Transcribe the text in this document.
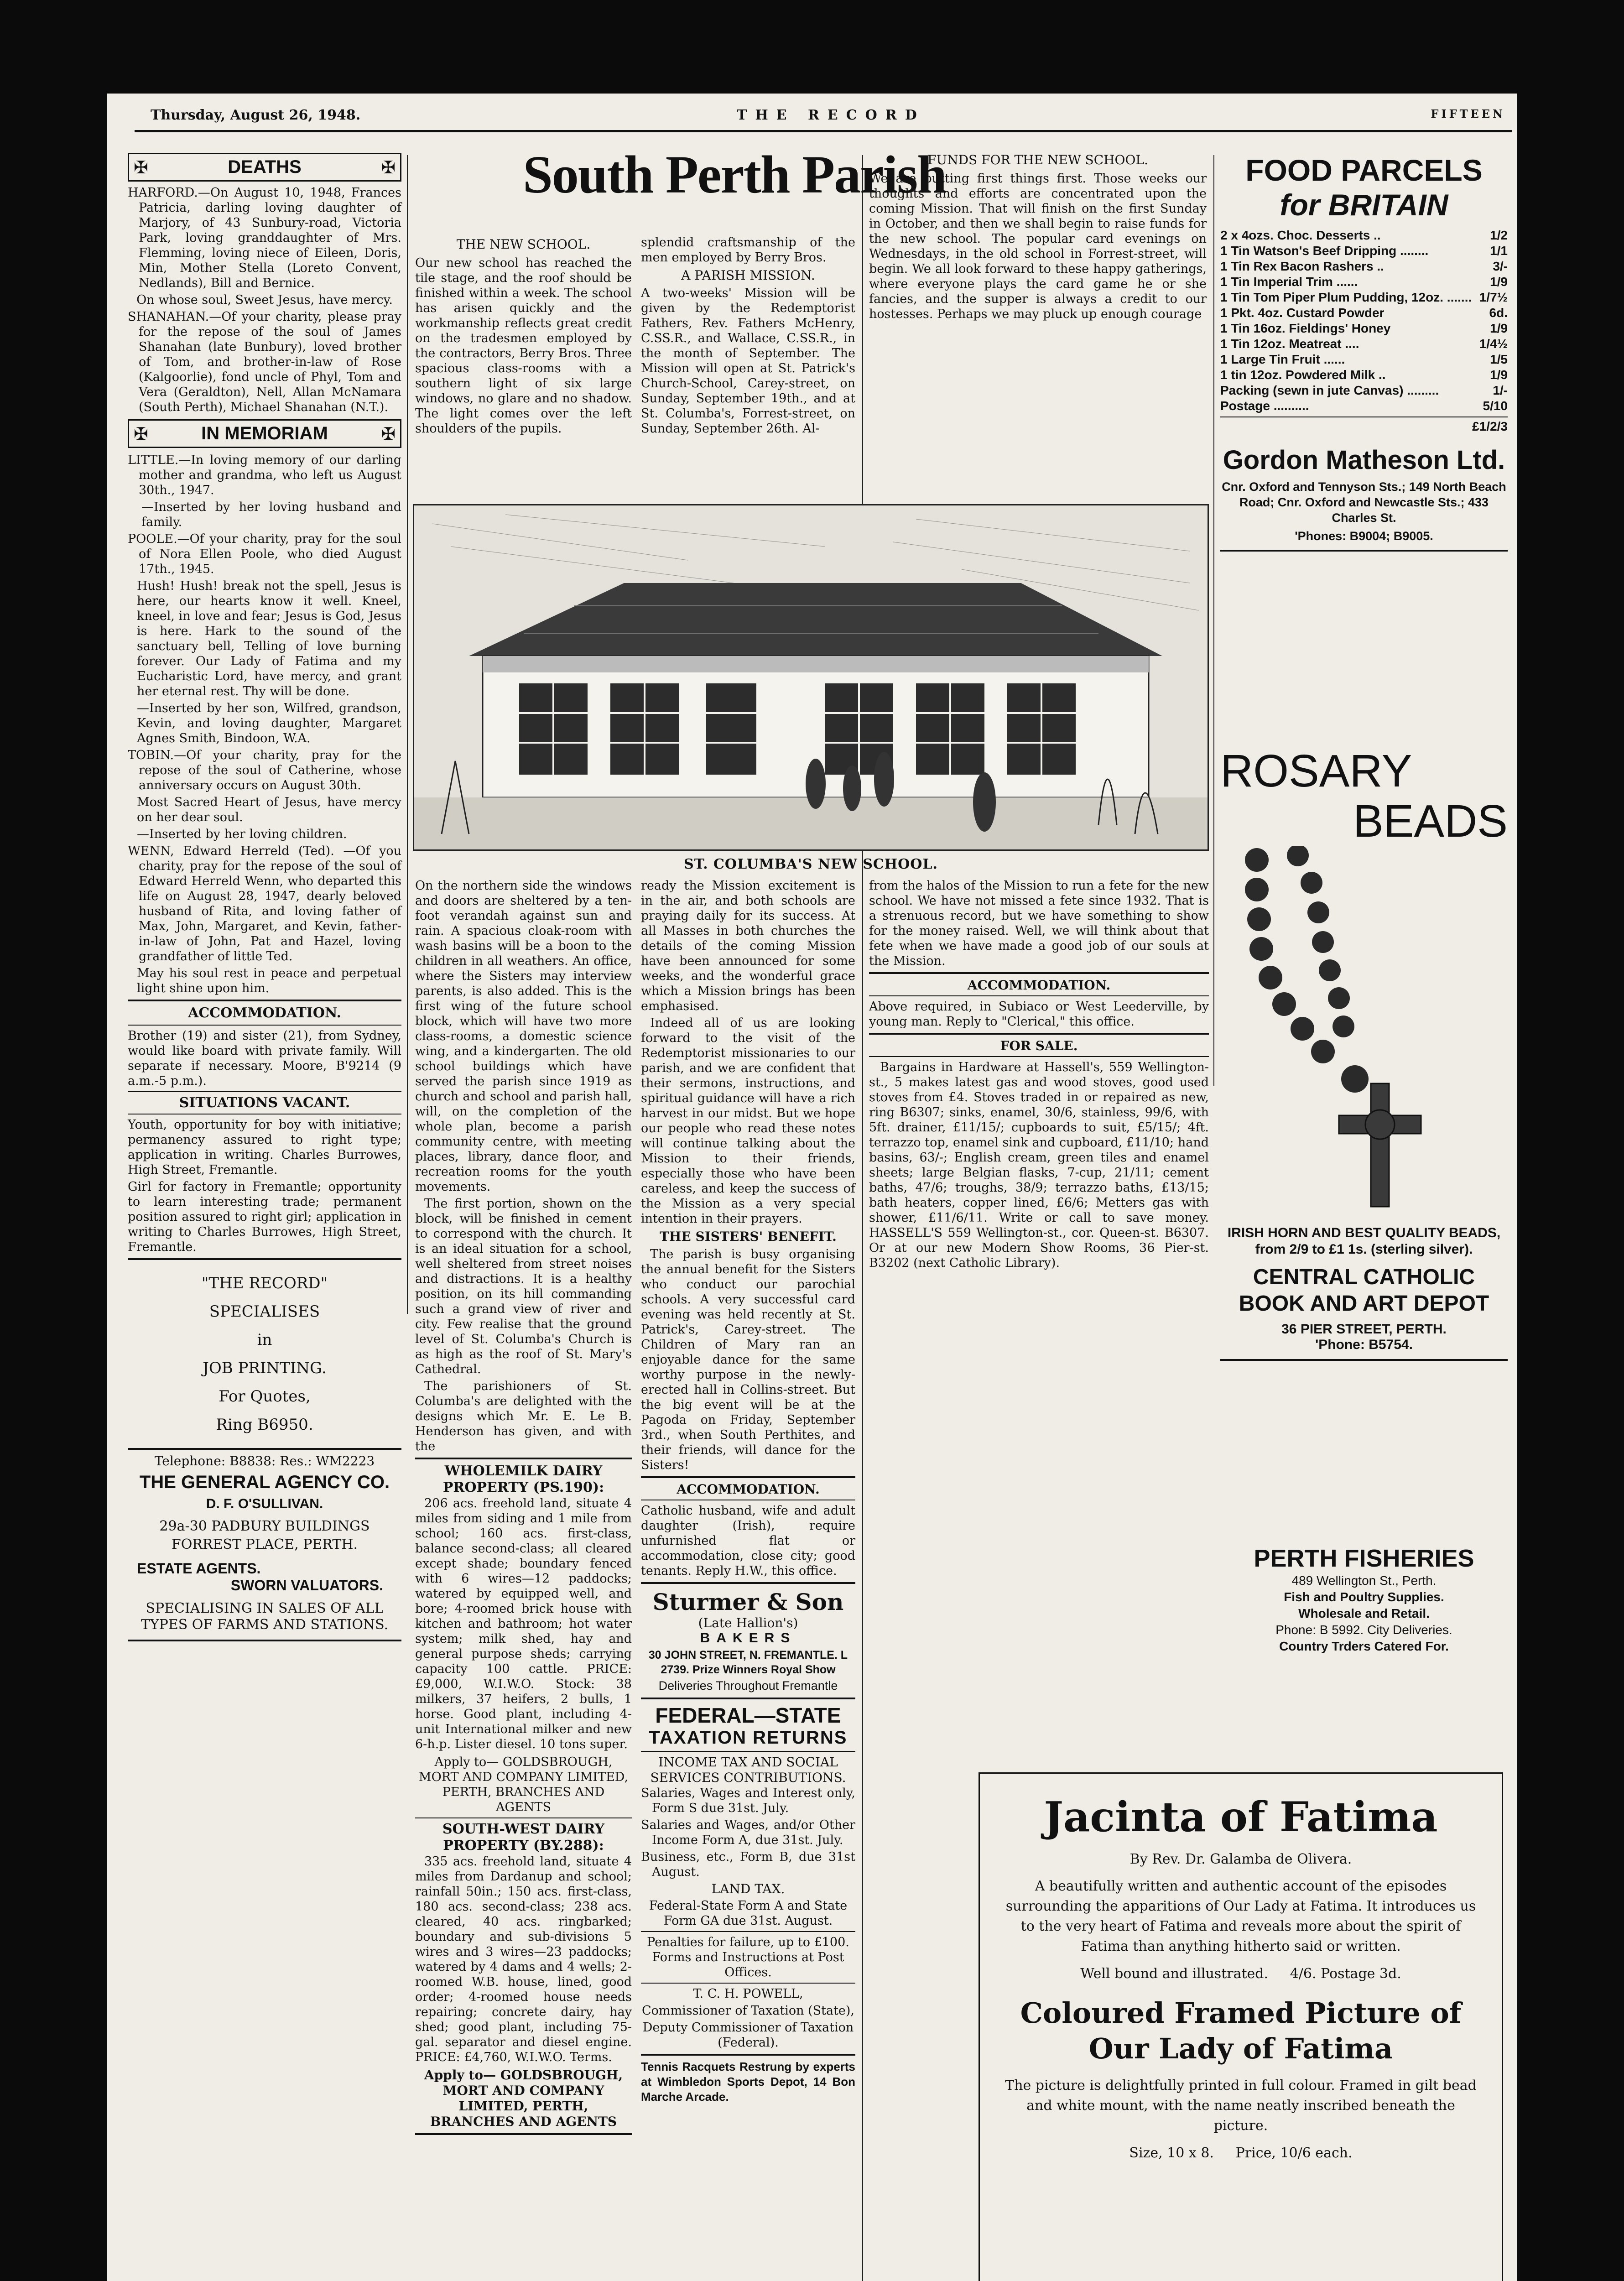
Thursday, August 26, 1948.	THE RECORD	FIFTEEN
✠	DEATHS	✠

HARFORD.—On August 10, 1948, Frances Patricia, darling loving daughter of Marjory, of 43 Sunbury-road, Victoria Park, loving granddaughter of Mrs. Flemming, loving niece of Eileen, Doris, Min, Mother Stella (Loreto Convent, Nedlands), Bill and Bernice.

On whose soul, Sweet Jesus, have mercy.

SHANAHAN.—Of your charity, please pray for the repose of the soul of James Shanahan (late Bunbury), loved brother of Tom, and brother-in-law of Rose (Kalgoorlie), fond uncle of Phyl, Tom and Vera (Geraldton), Nell, Allan McNamara (South Perth), Michael Shanahan (N.T.).

✠	IN MEMORIAM	✠

LITTLE.—In loving memory of our darling mother and grandma, who left us August 30th., 1947.

—Inserted by her loving husband and family.

POOLE.—Of your charity, pray for the soul of Nora Ellen Poole, who died August 17th., 1945.

Hush! Hush! break not the spell, Jesus is here, our hearts know it well. Kneel, kneel, in love and fear; Jesus is God, Jesus is here. Hark to the sound of the sanctuary bell, Telling of love burning forever. Our Lady of Fatima and my Eucharistic Lord, have mercy, and grant her eternal rest. Thy will be done.

—Inserted by her son, Wilfred, grandson, Kevin, and loving daughter, Margaret Agnes Smith, Bindoon, W.A.

TOBIN.—Of your charity, pray for the repose of the soul of Catherine, whose anniversary occurs on August 30th.

Most Sacred Heart of Jesus, have mercy on her dear soul.

—Inserted by her loving children.

WENN, Edward Herreld (Ted). —Of you charity, pray for the repose of the soul of Edward Herreld Wenn, who departed this life on August 28, 1947, dearly beloved husband of Rita, and loving father of Max, John, Margaret, and Kevin, father-in-law of John, Pat and Hazel, loving grandfather of little Ted.

May his soul rest in peace and perpetual light shine upon him.

ACCOMMODATION.

Brother (19) and sister (21), from Sydney, would like board with private family. Will separate if necessary. Moore, B'9214 (9 a.m.-5 p.m.).

SITUATIONS VACANT.

Youth, opportunity for boy with initiative; permanency assured to right type; application in writing. Charles Burrowes, High Street, Fremantle.

Girl for factory in Fremantle; opportunity to learn interesting trade; permanent position assured to right girl; application in writing to Charles Burrowes, High Street, Fremantle.

"THE RECORD"
SPECIALISES
in
JOB PRINTING.
For Quotes,
Ring B6950.
Telephone: B8838: Res.: WM2223
THE GENERAL AGENCY CO.
D. F. O'SULLIVAN.
29a-30 PADBURY BUILDINGS FORREST PLACE, PERTH.
ESTATE AGENTS.
SWORN VALUATORS.
SPECIALISING IN SALES OF ALL TYPES OF FARMS AND STATIONS.
South Perth Parish
THE NEW SCHOOL.

Our new school has reached the tile stage, and the roof should be finished within a week. The school has arisen quickly and the workmanship reflects great credit on the tradesmen employed by the contractors, Berry Bros. Three spacious class-rooms with a southern light of six large windows, no glare and no shadow. The light comes over the left shoulders of the pupils.

splendid craftsmanship of the men employed by Berry Bros.

A PARISH MISSION.

A two-weeks' Mission will be given by the Redemptorist Fathers, Rev. Fathers McHenry, C.SS.R., and Wallace, C.SS.R., in the month of September. The Mission will open at St. Patrick's Church-School, Carey-street, on Sunday, September 19th., and at St. Columba's, Forrest-street, on Sunday, September 26th. Al-

FUNDS FOR THE NEW SCHOOL.

We are putting first things first. Those weeks our thoughts and efforts are concentrated upon the coming Mission. That will finish on the first Sunday in October, and then we shall begin to raise funds for the new school. The popular card evenings on Wednesdays, in the old school in Forrest-street, will begin. We all look forward to these happy gatherings, where everyone plays the card game he or she fancies, and the supper is always a credit to our hostesses. Perhaps we may pluck up enough courage

ST. COLUMBA'S NEW SCHOOL.

On the northern side the windows and doors are sheltered by a ten-foot verandah against sun and rain. A spacious cloak-room with wash basins will be a boon to the children in all weathers. An office, where the Sisters may interview parents, is also added. This is the first wing of the future school block, which will have two more class-rooms, a domestic science wing, and a kindergarten. The old school buildings which have served the parish since 1919 as church and school and parish hall, will, on the completion of the whole plan, become a parish community centre, with meeting places, library, dance floor, and recreation rooms for the youth movements.

The first portion, shown on the block, will be finished in cement to correspond with the church. It is an ideal situation for a school, well sheltered from street noises and distractions. It is a healthy position, on its hill commanding such a grand view of river and city. Few realise that the ground level of St. Columba's Church is as high as the roof of St. Mary's Cathedral.

The parishioners of St. Columba's are delighted with the designs which Mr. E. Le B. Henderson has given, and with the

WHOLEMILK DAIRY PROPERTY (PS.190):

206 acs. freehold land, situate 4 miles from siding and 1 mile from school; 160 acs. first-class, balance second-class; all cleared except shade; boundary fenced with 6 wires—12 paddocks; watered by equipped well, and bore; 4-roomed brick house with kitchen and bathroom; hot water system; milk shed, hay and general purpose sheds; carrying capacity 100 cattle. PRICE: £9,000, W.I.W.O. Stock: 38 milkers, 37 heifers, 2 bulls, 1 horse. Good plant, including 4-unit International milker and new 6-h.p. Lister diesel. 10 tons super.

Apply to— GOLDSBROUGH, MORT AND COMPANY LIMITED, PERTH, BRANCHES AND AGENTS
SOUTH-WEST DAIRY PROPERTY (BY.288):

335 acs. freehold land, situate 4 miles from Dardanup and school; rainfall 50in.; 150 acs. first-class, 180 acs. second-class; 238 acs. cleared, 40 acs. ringbarked; boundary and sub-divisions 5 wires and 3 wires—23 paddocks; watered by 4 dams and 4 wells; 2-roomed W.B. house, lined, good order; 4-roomed house needs repairing; concrete dairy, hay shed; good plant, including 75-gal. separator and diesel engine. PRICE: £4,760, W.I.W.O. Terms.

Apply to— GOLDSBROUGH, MORT AND COMPANY LIMITED, PERTH, BRANCHES AND AGENTS

ready the Mission excitement is in the air, and both schools are praying daily for its success. At all Masses in both churches the details of the coming Mission have been announced for some weeks, and the wonderful grace which a Mission brings has been emphasised.

Indeed all of us are looking forward to the visit of the Redemptorist missionaries to our parish, and we are confident that their sermons, instructions, and spiritual guidance will have a rich harvest in our midst. But we hope our people who read these notes will continue talking about the Mission to their friends, especially those who have been careless, and keep the success of the Mission as a very special intention in their prayers.

THE SISTERS' BENEFIT.

The parish is busy organising the annual benefit for the Sisters who conduct our parochial schools. A very successful card evening was held recently at St. Patrick's, Carey-street. The Children of Mary ran an enjoyable dance for the same worthy purpose in the newly-erected hall in Collins-street. But the big event will be at the Pagoda on Friday, September 3rd., when South Perthites, and their friends, will dance for the Sisters!

ACCOMMODATION.

Catholic husband, wife and adult daughter (Irish), require unfurnished flat or accommodation, close city; good tenants. Reply H.W., this office.

Sturmer & Son
(Late Hallion's)
BAKERS
30 JOHN STREET, N. FREMANTLE. L 2739. Prize Winners Royal Show
Deliveries Throughout Fremantle
FEDERAL—STATE
TAXATION RETURNS
INCOME TAX AND SOCIAL SERVICES CONTRIBUTIONS.

Salaries, Wages and Interest only, Form S due 31st. July.

Salaries and Wages, and/or Other Income Form A, due 31st. July.

Business, etc., Form B, due 31st August.

LAND TAX.

Federal-State Form A and State Form GA due 31st. August.

Penalties for failure, up to £100. Forms and Instructions at Post Offices.

T. C. H. POWELL,

Commissioner of Taxation (State),

Deputy Commissioner of Taxation (Federal).

Tennis Racquets Restrung by experts at Wimbledon Sports Depot, 14 Bon Marche Arcade.

from the halos of the Mission to run a fete for the new school. We have not missed a fete since 1932. That is a strenuous record, but we have something to show for the money raised. Well, we will think about that fete when we have made a good job of our souls at the Mission.

ACCOMMODATION.

Above required, in Subiaco or West Leederville, by young man. Reply to "Clerical," this office.

FOR SALE.

Bargains in Hardware at Hassell's, 559 Wellington-st., 5 makes latest gas and wood stoves, good used stoves from £4. Stoves traded in or repaired as new, ring B6307; sinks, enamel, 30/6, stainless, 99/6, with 5ft. drainer, £11/15/; cupboards to suit, £5/15/; 4ft. terrazzo top, enamel sink and cupboard, £11/10; hand basins, 63/-; English cream, green tiles and enamel sheets; large Belgian flasks, 7-cup, 21/11; cement baths, 47/6; troughs, 38/9; terrazzo baths, £13/15; bath heaters, copper lined, £6/6; Metters gas with shower, £11/6/11. Write or call to save money. HASSELL'S 559 Wellington-st., cor. Queen-st. B6307. Or at our new Modern Show Rooms, 36 Pier-st. B3202 (next Catholic Library).

FOOD PARCELS
for BRITAIN
2 x 4ozs. Choc. Desserts ..	1/2
1 Tin Watson's Beef Dripping ........	1/1
1 Tin Rex Bacon Rashers ..	3/-
1 Tin Imperial Trim ......	1/9
1 Tin Tom Piper Plum Pudding, 12oz. ....... 1/7½
1 Pkt. 4oz. Custard Powder	6d.
1 Tin 16oz. Fieldings' Honey	1/9
1 Tin 12oz. Meatreat ....	1/4½
1 Large Tin Fruit ......	1/5
1 tin 12oz. Powdered Milk ..	1/9
Packing (sewn in jute Canvas) .........	1/-
Postage ..........	5/10
£1/2/3
Gordon Matheson Ltd.
Cnr. Oxford and Tennyson Sts.; 149 North Beach Road; Cnr. Oxford and Newcastle Sts.; 433 Charles St.
'Phones: B9004; B9005.
ROSARY
BEADS
IRISH HORN AND BEST QUALITY BEADS, from 2/9 to £1 1s. (sterling silver).
CENTRAL CATHOLIC BOOK AND ART DEPOT
36 PIER STREET, PERTH.
'Phone: B5754.
PERTH FISHERIES
489 Wellington St., Perth.
Fish and Poultry Supplies.
Wholesale and Retail.
Phone: B 5992. City Deliveries.
Country Trders Catered For.
Jacinta of Fatima
By Rev. Dr. Galamba de Olivera.

A beautifully written and authentic account of the episodes surrounding the apparitions of Our Lady at Fatima. It introduces us to the very heart of Fatima and reveals more about the spirit of Fatima than anything hitherto said or written.

Well bound and illustrated. 4/6. Postage 3d.
Coloured Framed Picture of
Our Lady of Fatima

The picture is delightfully printed in full colour. Framed in gilt bead and white mount, with the name neatly inscribed beneath the picture.

Size, 10 x 8. Price, 10/6 each.
